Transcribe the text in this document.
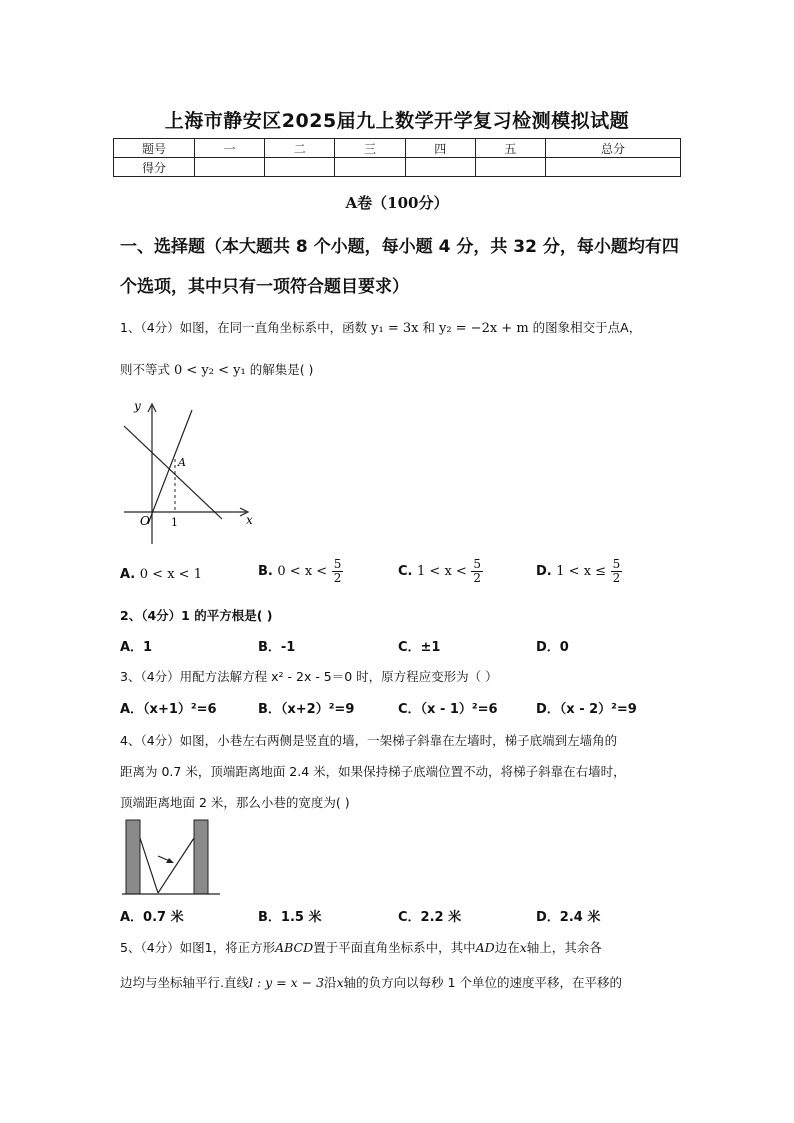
上海市静安区2025届九上数学开学复习检测模拟试题
题号	一	二	三	四	五	总分
得分						
A卷（100分）
一、选择题（本大题共 8 个小题，每小题 4 分，共 32 分，每小题均有四个选项，其中只有一项符合题目要求）
1、（4分）如图，在同一直角坐标系中，函数 y₁ = 3x 和 y₂ = −2x + m 的图象相交于点A，
则不等式 0 < y₂ < y₁ 的解集是( )
y
x
O
A
1
A. 0 < x < 1	B. $0 < x < \frac{5}{2}$	C. $1 < x < \frac{5}{2}$	D. $1 < x \le \frac{5}{2}$
2、（4分）1 的平方根是( )
A．1	B．-1	C．±1	D．0
3、（4分）用配方法解方程 x² - 2x - 5＝0 时，原方程应变形为（ ）
A．（x+1）²=6	B．（x+2）²=9	C．（x - 1）²=6	D．（x - 2）²=9
4、（4分）如图，小巷左右两侧是竖直的墙，一架梯子斜靠在左墙时，梯子底端到左墙角的
距离为 0.7 米，顶端距离地面 2.4 米，如果保持梯子底端位置不动，将梯子斜靠在右墙时，
顶端距离地面 2 米，那么小巷的宽度为( )
A．0.7 米	B．1.5 米	C．2.2 米	D．2.4 米
5、（4分）如图1，将正方形ABCD置于平面直角坐标系中，其中AD边在x轴上，其余各
边均与坐标轴平行.直线l : y = x − 3沿x轴的负方向以每秒 1 个单位的速度平移，在平移的
